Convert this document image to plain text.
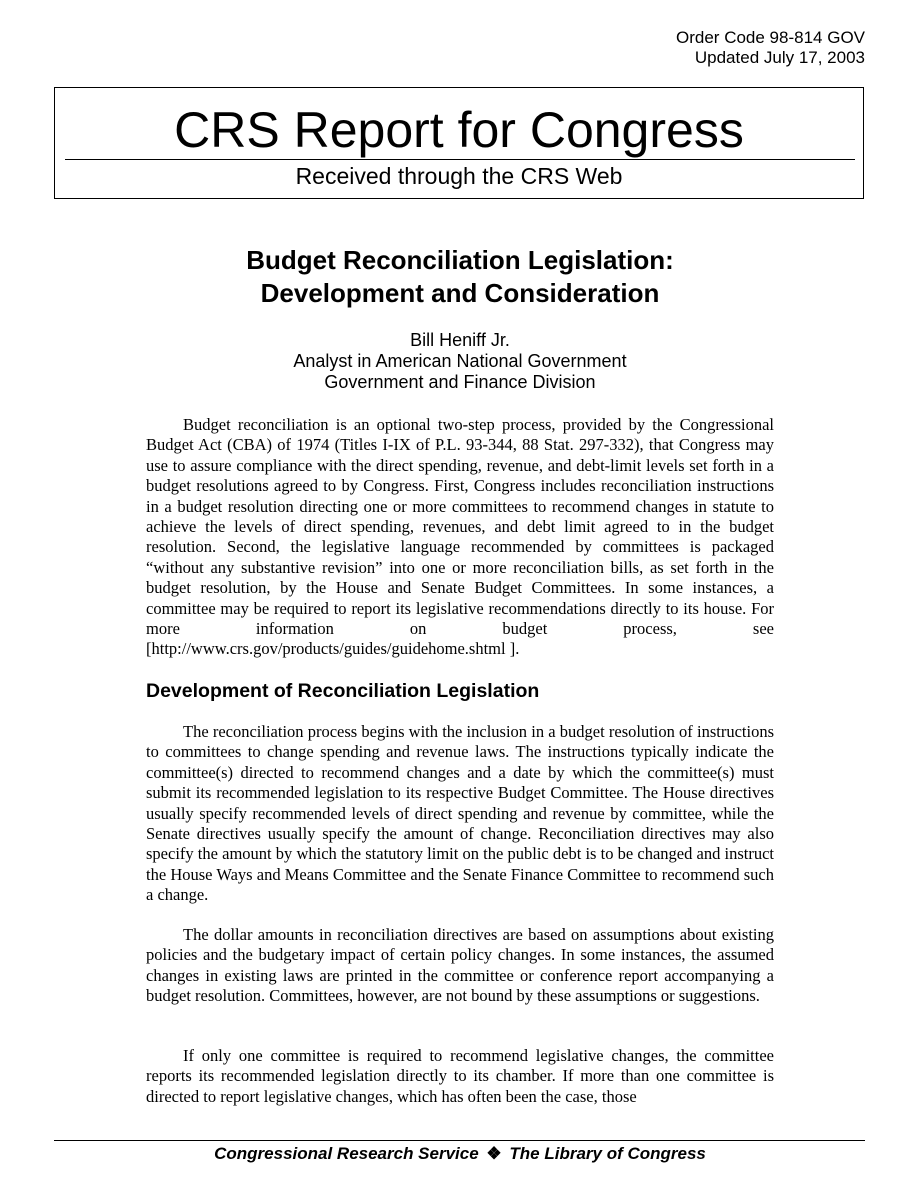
Order Code 98-814 GOV
Updated July 17, 2003
CRS Report for Congress
Received through the CRS Web
Budget Reconciliation Legislation:
Development and Consideration
Bill Heniff Jr.
Analyst in American National Government
Government and Finance Division

Budget reconciliation is an optional two-step process, provided by the Congressional Budget Act (CBA) of 1974 (Titles I-IX of P.L. 93-344, 88 Stat. 297-332), that Congress may use to assure compliance with the direct spending, revenue, and debt-limit levels set forth in a budget resolutions agreed to by Congress. First, Congress includes reconciliation instructions in a budget resolution directing one or more committees to recommend changes in statute to achieve the levels of direct spending, revenues, and debt limit agreed to in the budget resolution. Second, the legislative language recommended by committees is packaged “without any substantive revision” into one or more reconciliation bills, as set forth in the budget resolution, by the House and Senate Budget Committees. In some instances, a committee may be required to report its legislative recommendations directly to its house. For more information on budget process, see [http://www.crs.gov/products/guides/guidehome.shtml ].

Development of Reconciliation Legislation

The reconciliation process begins with the inclusion in a budget resolution of instructions to committees to change spending and revenue laws. The instructions typically indicate the committee(s) directed to recommend changes and a date by which the committee(s) must submit its recommended legislation to its respective Budget Committee. The House directives usually specify recommended levels of direct spending and revenue by committee, while the Senate directives usually specify the amount of change. Reconciliation directives may also specify the amount by which the statutory limit on the public debt is to be changed and instruct the House Ways and Means Committee and the Senate Finance Committee to recommend such a change.

The dollar amounts in reconciliation directives are based on assumptions about existing policies and the budgetary impact of certain policy changes. In some instances, the assumed changes in existing laws are printed in the committee or conference report accompanying a budget resolution. Committees, however, are not bound by these assumptions or suggestions.

If only one committee is required to recommend legislative changes, the committee reports its recommended legislation directly to its chamber. If more than one committee is directed to report legislative changes, which has often been the case, those

Congressional Research Service ❖ The Library of Congress
